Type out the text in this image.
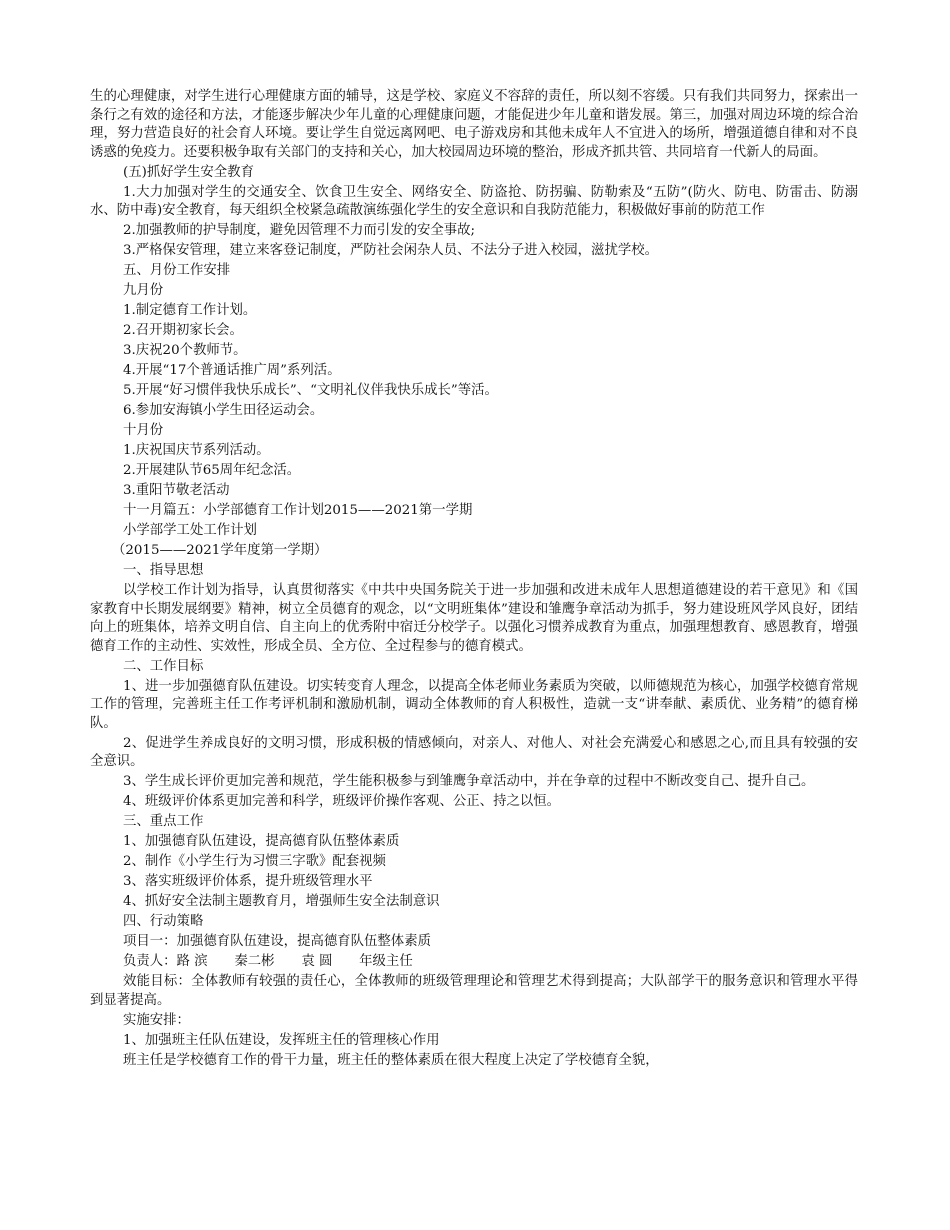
生的心理健康，对学生进行心理健康方面的辅导，这是学校、家庭义不容辞的责任，所以刻不容缓。只有我们共同努力，探索出一条行之有效的途径和方法，才能逐步解决少年儿童的心理健康问题，才能促进少年儿童和谐发展。第三，加强对周边环境的综合治理，努力营造良好的社会育人环境。要让学生自觉远离网吧、电子游戏房和其他未成年人不宜进入的场所，增强道德自律和对不良诱惑的免疫力。还要积极争取有关部门的支持和关心，加大校园周边环境的整治，形成齐抓共管、共同培育一代新人的局面。

(五)抓好学生安全教育

1.大力加强对学生的交通安全、饮食卫生安全、网络安全、防盗抢、防拐骗、防勒索及“五防”(防火、防电、防雷击、防溺水、防中毒)安全教育，每天组织全校紧急疏散演练强化学生的安全意识和自我防范能力，积极做好事前的防范工作

2.加强教师的护导制度，避免因管理不力而引发的安全事故;

3.严格保安管理，建立来客登记制度，严防社会闲杂人员、不法分子进入校园，滋扰学校。

五、月份工作安排

九月份

1.制定德育工作计划。

2.召开期初家长会。

3.庆祝20个教师节。

4.开展“17个普通话推广周”系列活。

5.开展“好习惯伴我快乐成长”、“文明礼仪伴我快乐成长”等活。

6.参加安海镇小学生田径运动会。

十月份

1.庆祝国庆节系列活动。

2.开展建队节65周年纪念活。

3.重阳节敬老活动

十一月篇五：小学部德育工作计划2015——2021第一学期

小学部学工处工作计划

（2015——2021学年度第一学期）

一、指导思想

以学校工作计划为指导，认真贯彻落实《中共中央国务院关于进一步加强和改进未成年人思想道德建设的若干意见》和《国家教育中长期发展纲要》精神，树立全员德育的观念，以“文明班集体”建设和雏鹰争章活动为抓手，努力建设班风学风良好，团结向上的班集体，培养文明自信、自主向上的优秀附中宿迁分校学子。以强化习惯养成教育为重点，加强理想教育、感恩教育，增强德育工作的主动性、实效性，形成全员、全方位、全过程参与的德育模式。

二、工作目标

1、进一步加强德育队伍建设。切实转变育人理念，以提高全体老师业务素质为突破，以师德规范为核心，加强学校德育常规工作的管理，完善班主任工作考评机制和激励机制，调动全体教师的育人积极性，造就一支“讲奉献、素质优、业务精”的德育梯队。

2、促进学生养成良好的文明习惯，形成积极的情感倾向，对亲人、对他人、对社会充满爱心和感恩之心,而且具有较强的安全意识。

3、学生成长评价更加完善和规范，学生能积极参与到雏鹰争章活动中，并在争章的过程中不断改变自己、提升自己。

4、班级评价体系更加完善和科学，班级评价操作客观、公正、持之以恒。

三、重点工作

1、加强德育队伍建设，提高德育队伍整体素质

2、制作《小学生行为习惯三字歌》配套视频

3、落实班级评价体系，提升班级管理水平

4、抓好安全法制主题教育月，增强师生安全法制意识

四、行动策略

项目一：加强德育队伍建设，提高德育队伍整体素质

负责人：路 滨　　秦二彬　　袁 圆　　年级主任

效能目标：全体教师有较强的责任心，全体教师的班级管理理论和管理艺术得到提高；大队部学干的服务意识和管理水平得到显著提高。

实施安排：

1、加强班主任队伍建设，发挥班主任的管理核心作用

班主任是学校德育工作的骨干力量，班主任的整体素质在很大程度上决定了学校德育全貌，
